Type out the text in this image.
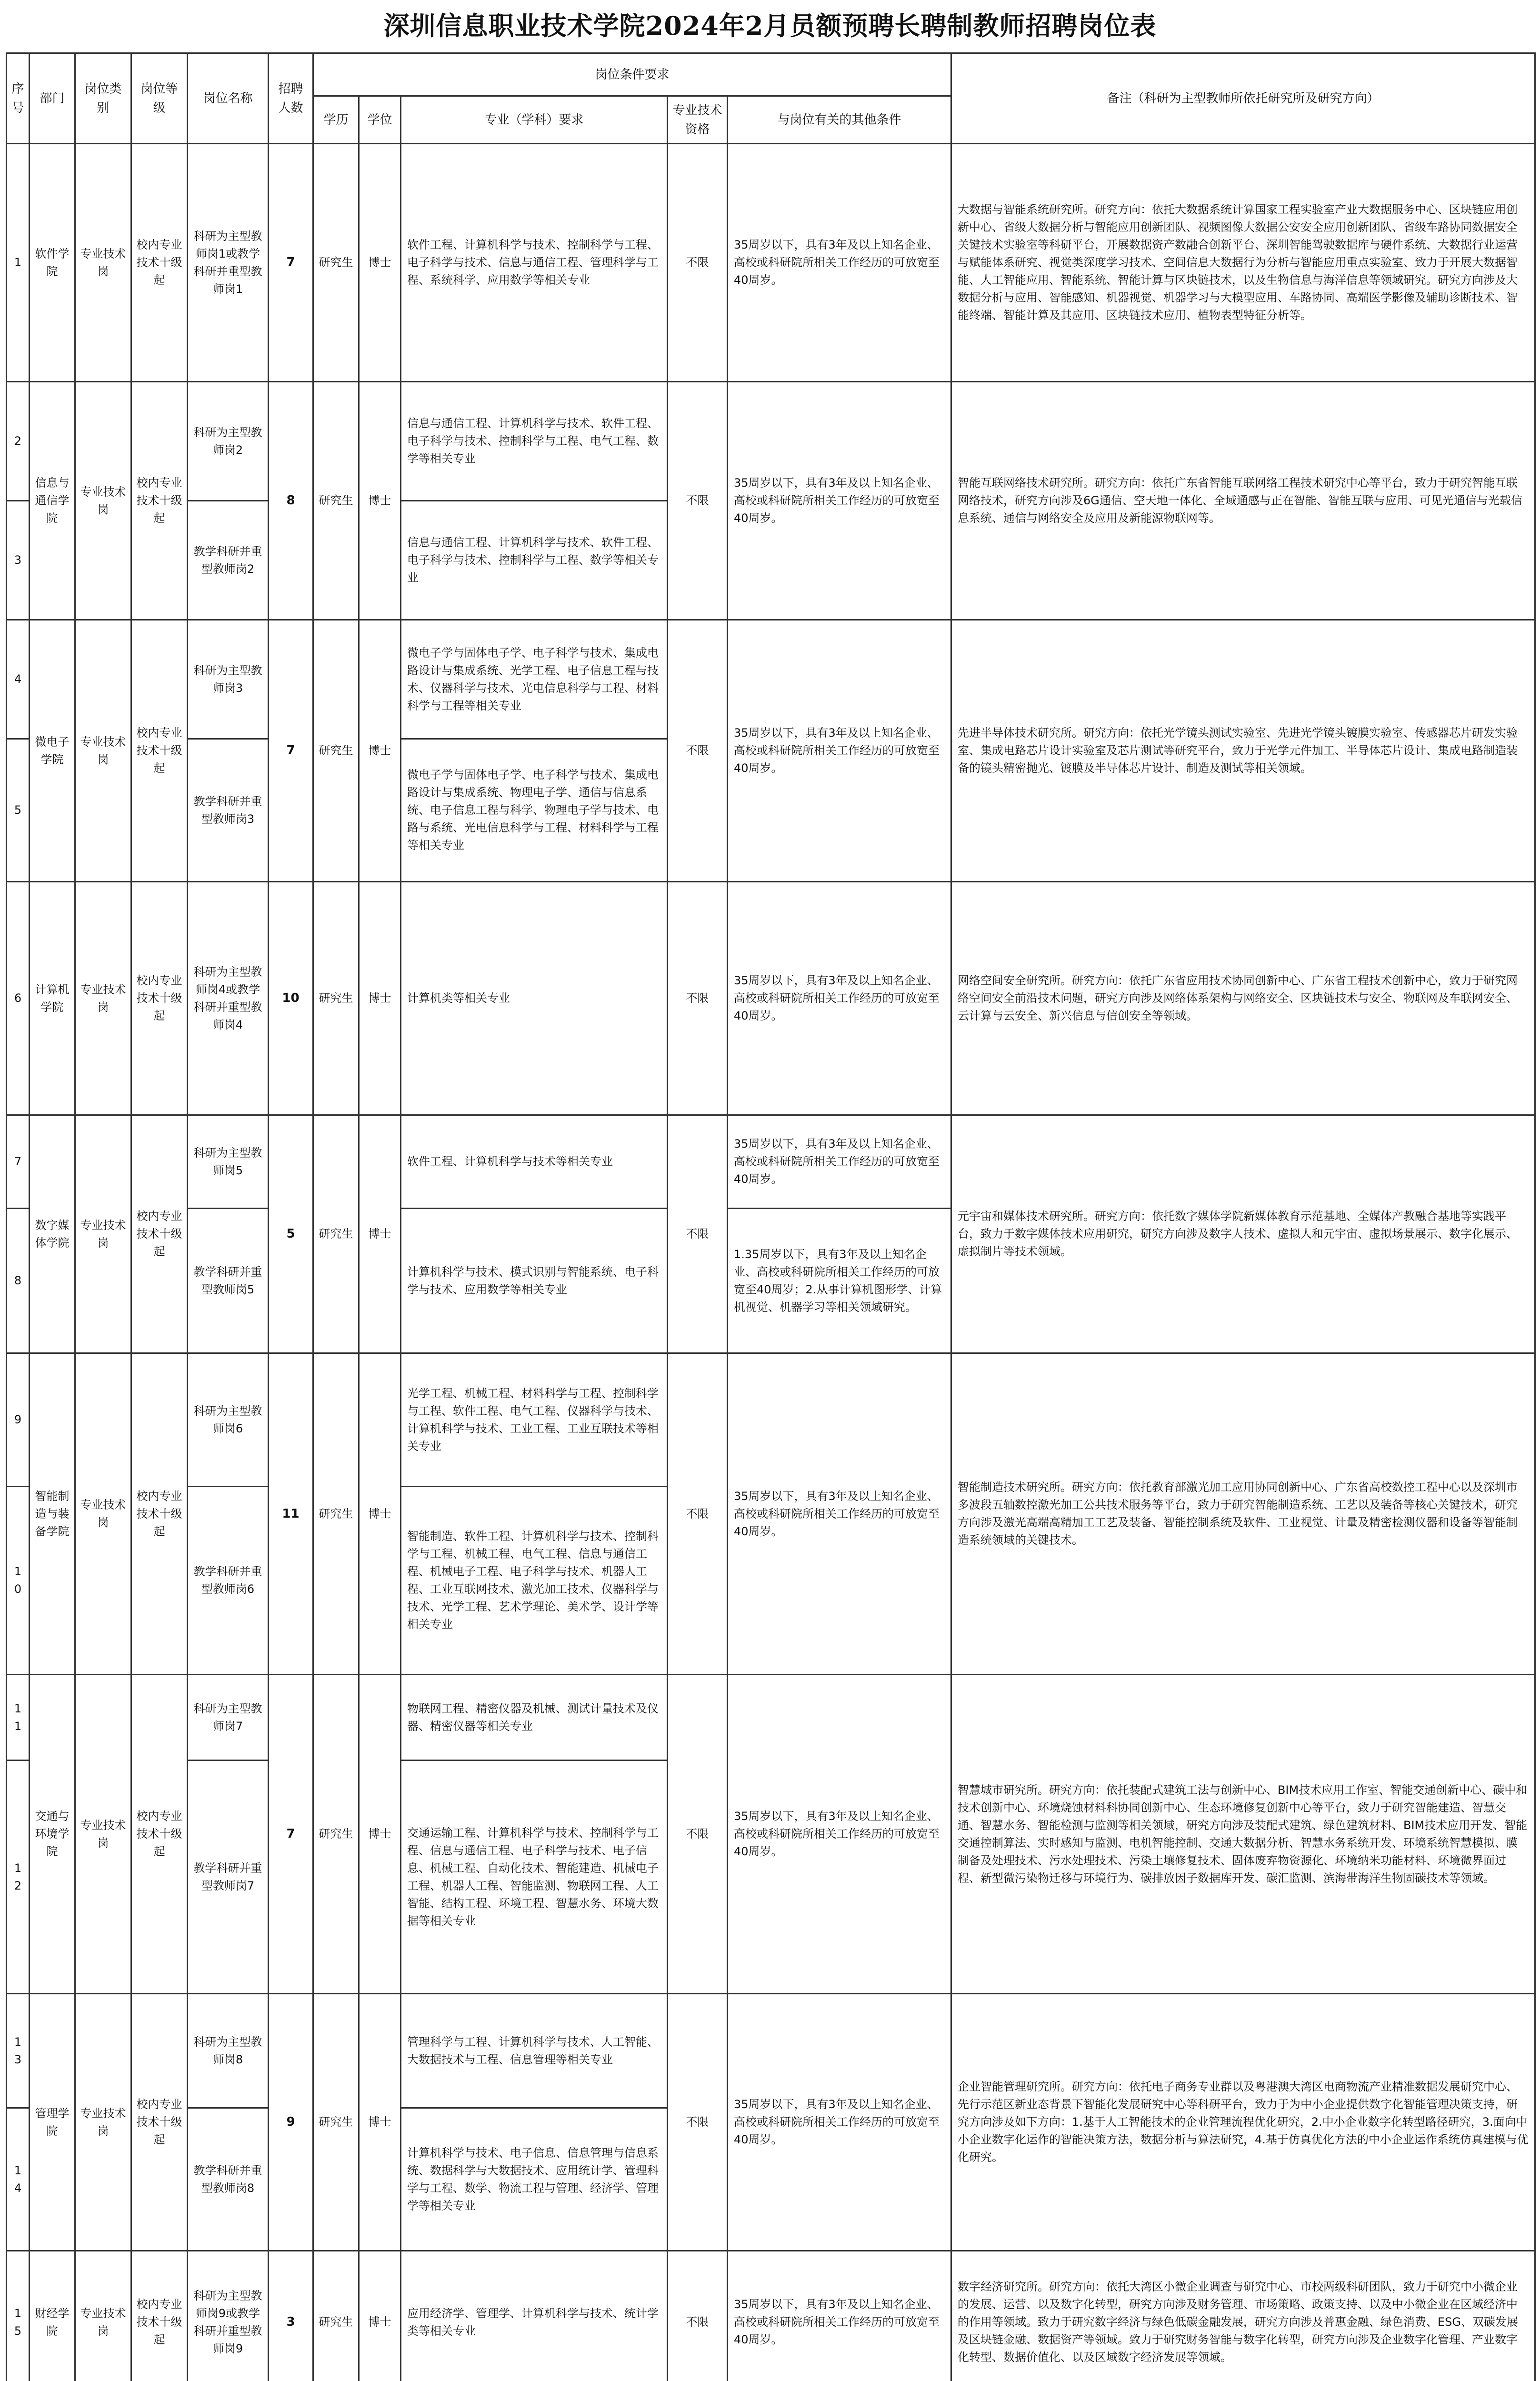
深圳信息职业技术学院2024年2月员额预聘长聘制教师招聘岗位表
序号	部门	岗位类别	岗位等级	岗位名称	招聘人数	岗位条件要求					备注（科研为主型教师所依托研究所及研究方向）
						学历	学位	专业（学科）要求	专业技术资格	与岗位有关的其他条件	
1	软件学院	专业技术岗	校内专业技术十级起	科研为主型教师岗1或教学科研并重型教师岗1	7	研究生	博士	软件工程、计算机科学与技术、控制科学与工程、电子科学与技术、信息与通信工程、管理科学与工程、系统科学、应用数学等相关专业	不限	35周岁以下，具有3年及以上知名企业、高校或科研院所相关工作经历的可放宽至40周岁。	大数据与智能系统研究所。研究方向：依托大数据系统计算国家工程实验室产业大数据服务中心、区块链应用创新中心、省级大数据分析与智能应用创新团队、视频图像大数据公安安全应用创新团队、省级车路协同数据安全关键技术实验室等科研平台，开展数据资产数融合创新平台、深圳智能驾驶数据库与硬件系统、大数据行业运营与赋能体系研究、视觉类深度学习技术、空间信息大数据行为分析与智能应用重点实验室、致力于开展大数据智能、人工智能应用、智能系统、智能计算与区块链技术，以及生物信息与海洋信息等领域研究。研究方向涉及大数据分析与应用、智能感知、机器视觉、机器学习与大模型应用、车路协同、高端医学影像及辅助诊断技术、智能终端、智能计算及其应用、区块链技术应用、植物表型特征分析等。
2	信息与通信学院	专业技术岗	校内专业技术十级起	科研为主型教师岗2	8	研究生	博士	信息与通信工程、计算机科学与技术、软件工程、电子科学与技术、控制科学与工程、电气工程、数学等相关专业	不限	35周岁以下，具有3年及以上知名企业、高校或科研院所相关工作经历的可放宽至40周岁。	智能互联网络技术研究所。研究方向：依托广东省智能互联网络工程技术研究中心等平台，致力于研究智能互联网络技术，研究方向涉及6G通信、空天地一体化、全域通感与正在智能、智能互联与应用、可见光通信与光载信息系统、通信与网络安全及应用及新能源物联网等。
3				教学科研并重型教师岗2				信息与通信工程、计算机科学与技术、软件工程、电子科学与技术、控制科学与工程、数学等相关专业			
4	微电子学院	专业技术岗	校内专业技术十级起	科研为主型教师岗3	7	研究生	博士	微电子学与固体电子学、电子科学与技术、集成电路设计与集成系统、光学工程、电子信息工程与技术、仪器科学与技术、光电信息科学与工程、材料科学与工程等相关专业	不限	35周岁以下，具有3年及以上知名企业、高校或科研院所相关工作经历的可放宽至40周岁。	先进半导体技术研究所。研究方向：依托光学镜头测试实验室、先进光学镜头镀膜实验室、传感器芯片研发实验室、集成电路芯片设计实验室及芯片测试等研究平台，致力于光学元件加工、半导体芯片设计、集成电路制造装备的镜头精密抛光、镀膜及半导体芯片设计、制造及测试等相关领域。
5				教学科研并重型教师岗3				微电子学与固体电子学、电子科学与技术、集成电路设计与集成系统、物理电子学、通信与信息系统、电子信息工程与科学、物理电子学与技术、电路与系统、光电信息科学与工程、材料科学与工程等相关专业			
6	计算机学院	专业技术岗	校内专业技术十级起	科研为主型教师岗4或教学科研并重型教师岗4	10	研究生	博士	计算机类等相关专业	不限	35周岁以下，具有3年及以上知名企业、高校或科研院所相关工作经历的可放宽至40周岁。	网络空间安全研究所。研究方向：依托广东省应用技术协同创新中心、广东省工程技术创新中心，致力于研究网络空间安全前沿技术问题，研究方向涉及网络体系架构与网络安全、区块链技术与安全、物联网及车联网安全、云计算与云安全、新兴信息与信创安全等领域。
7	数字媒体学院	专业技术岗	校内专业技术十级起	科研为主型教师岗5	5	研究生	博士	软件工程、计算机科学与技术等相关专业	不限	35周岁以下，具有3年及以上知名企业、高校或科研院所相关工作经历的可放宽至40周岁。	元宇宙和媒体技术研究所。研究方向：依托数字媒体学院新媒体教育示范基地、全媒体产教融合基地等实践平台，致力于数字媒体技术应用研究，研究方向涉及数字人技术、虚拟人和元宇宙、虚拟场景展示、数字化展示、虚拟制片等技术领域。
8				教学科研并重型教师岗5				计算机科学与技术、模式识别与智能系统、电子科学与技术、应用数学等相关专业		1.35周岁以下，具有3年及以上知名企业、高校或科研院所相关工作经历的可放宽至40周岁；2.从事计算机图形学、计算机视觉、机器学习等相关领域研究。	
9	智能制造与装备学院	专业技术岗	校内专业技术十级起	科研为主型教师岗6	11	研究生	博士	光学工程、机械工程、材料科学与工程、控制科学与工程、软件工程、电气工程、仪器科学与技术、计算机科学与技术、工业工程、工业互联技术等相关专业	不限	35周岁以下，具有3年及以上知名企业、高校或科研院所相关工作经历的可放宽至40周岁。	智能制造技术研究所。研究方向：依托教育部激光加工应用协同创新中心、广东省高校数控工程中心以及深圳市多波段五轴数控激光加工公共技术服务等平台，致力于研究智能制造系统、工艺以及装备等核心关键技术，研究方向涉及激光高端高精加工工艺及装备、智能控制系统及软件、工业视觉、计量及精密检测仪器和设备等智能制造系统领域的关键技术。
10				教学科研并重型教师岗6				智能制造、软件工程、计算机科学与技术、控制科学与工程、机械工程、电气工程、信息与通信工程、机械电子工程、电子科学与技术、机器人工程、工业互联网技术、激光加工技术、仪器科学与技术、光学工程、艺术学理论、美术学、设计学等相关专业			
11	交通与环境学院	专业技术岗	校内专业技术十级起	科研为主型教师岗7	7	研究生	博士	物联网工程、精密仪器及机械、测试计量技术及仪器、精密仪器等相关专业	不限	35周岁以下，具有3年及以上知名企业、高校或科研院所相关工作经历的可放宽至40周岁。	智慧城市研究所。研究方向：依托装配式建筑工法与创新中心、BIM技术应用工作室、智能交通创新中心、碳中和技术创新中心、环境烧蚀材料科协同创新中心、生态环境修复创新中心等平台，致力于研究智能建造、智慧交通、智慧水务、智能检测与监测等相关领域，研究方向涉及装配式建筑、绿色建筑材料、BIM技术应用开发、智能交通控制算法、实时感知与监测、电机智能控制、交通大数据分析、智慧水务系统开发、环境系统智慧模拟、膜制备及处理技术、污水处理技术、污染土壤修复技术、固体废弃物资源化、环境纳米功能材料、环境微界面过程、新型微污染物迁移与环境行为、碳排放因子数据库开发、碳汇监测、滨海带海洋生物固碳技术等领域。
12				教学科研并重型教师岗7				交通运输工程、计算机科学与技术、控制科学与工程、信息与通信工程、电子科学与技术、电子信息、机械工程、自动化技术、智能建造、机械电子工程、机器人工程、智能监测、物联网工程、人工智能、结构工程、环境工程、智慧水务、环境大数据等相关专业			
13	管理学院	专业技术岗	校内专业技术十级起	科研为主型教师岗8	9	研究生	博士	管理科学与工程、计算机科学与技术、人工智能、大数据技术与工程、信息管理等相关专业	不限	35周岁以下，具有3年及以上知名企业、高校或科研院所相关工作经历的可放宽至40周岁。	企业智能管理研究所。研究方向：依托电子商务专业群以及粤港澳大湾区电商物流产业精准数据发展研究中心、先行示范区新业态背景下智能化发展研究中心等科研平台，致力于为中小企业提供数字化智能管理决策支持，研究方向涉及如下方向：1.基于人工智能技术的企业管理流程优化研究，2.中小企业数字化转型路径研究，3.面向中小企业数字化运作的智能决策方法，数据分析与算法研究，4.基于仿真优化方法的中小企业运作系统仿真建模与优化研究。
14				教学科研并重型教师岗8				计算机科学与技术、电子信息、信息管理与信息系统、数据科学与大数据技术、应用统计学、管理科学与工程、数学、物流工程与管理、经济学、管理学等相关专业			
15	财经学院	专业技术岗	校内专业技术十级起	科研为主型教师岗9或教学科研并重型教师岗9	3	研究生	博士	应用经济学、管理学、计算机科学与技术、统计学类等相关专业	不限	35周岁以下，具有3年及以上知名企业、高校或科研院所相关工作经历的可放宽至40周岁。	数字经济研究所。研究方向：依托大湾区小微企业调查与研究中心、市校两级科研团队，致力于研究中小微企业的发展、运营、以及数字化转型，研究方向涉及财务管理、市场策略、政策支持、以及中小微企业在区域经济中的作用等领域。致力于研究数字经济与绿色低碳金融发展，研究方向涉及普惠金融、绿色消费、ESG、双碳发展及区块链金融、数据资产等领域。致力于研究财务智能与数字化转型，研究方向涉及企业数字化管理、产业数字化转型、数据价值化、以及区域数字经济发展等领域。
